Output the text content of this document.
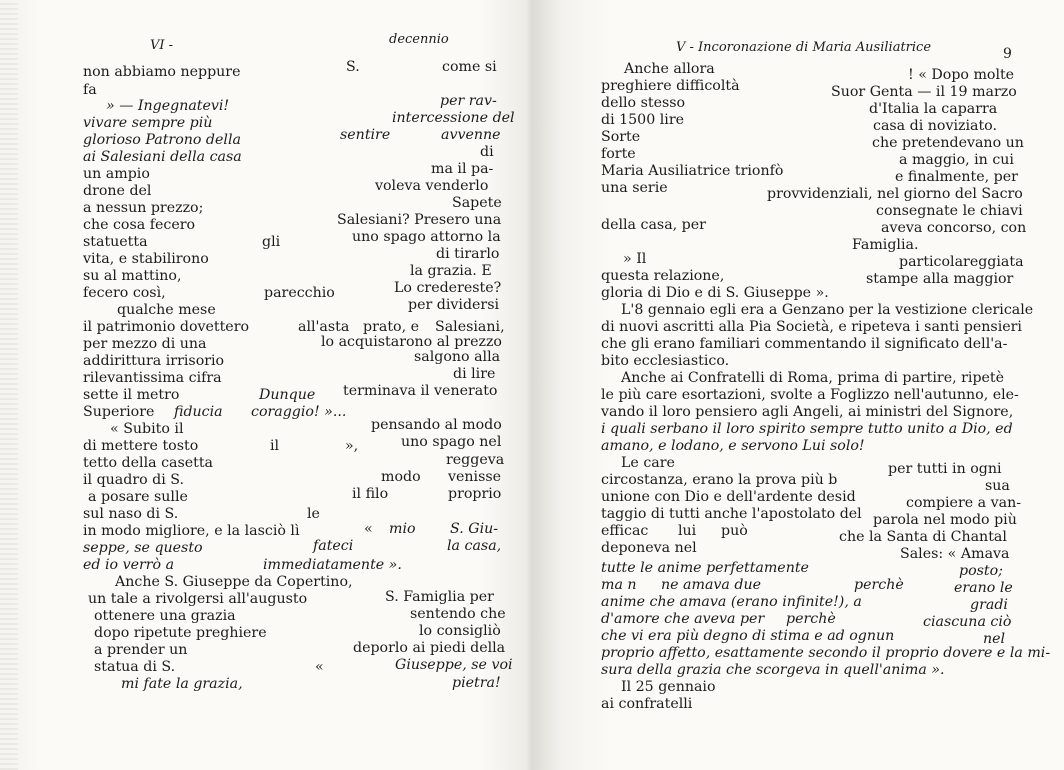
VI -	decennio
non abbiamo neppure	S.	come si
fa
» — Ingegnatevi!	per rav-
vivare sempre più	intercessione del
glorioso Patrono della	sentire	avvenne
ai Salesiani della casa	di
un ampio	ma il pa-
drone del	voleva venderlo
a nessun prezzo;	Sapete
che cosa fecero	Salesiani? Presero una
statuetta	gli	uno spago attorno la
vita, e stabilirono	di tirarlo
su al mattino,	la grazia. E
fecero così,	parecchio	Lo credereste?
qualche mese	per dividersi
il patrimonio dovettero	all'asta prato, e Salesiani,
per mezzo di una	lo acquistarono al prezzo
addirittura irrisorio	salgono alla
rilevantissima cifra	di lire
sette il metro	Dunque terminava il venerato
Superiore fiducia coraggio! »...
« Subito il	pensando al modo
di mettere tosto	il	»,	uno spago nel
tetto della casetta	reggeva
il quadro di S.	modo venisse
a posare sulle	il filo	proprio
sul naso di S.	le
in modo migliore, e la lasciò lì	« mio S. Giu-
seppe, se questo	fateci	la casa,
ed io verrò a	immediatamente ».
Anche S. Giuseppe da Copertino,
un tale a rivolgersi all'augusto	S. Famiglia per
ottenere una grazia	sentendo che
dopo ripetute preghiere	lo consigliò
a prender un	deporlo ai piedi della
statua di S.	«	Giuseppe, se voi
mi fate la grazia,	pietra!
Anche allora	! « Dopo molte
preghiere difficoltà	Suor Genta — il 19 marzo
dello stesso	d'Italia la caparra
di 1500 lire	casa di noviziato.
Sorte	che pretendevano un
forte	a maggio, in cui
Maria Ausiliatrice trionfò	e finalmente, per
una serie	provvidenziali, nel giorno del Sacro
consegnate le chiavi
della casa, per	aveva concorso, con
Famiglia.
» Il	particolareggiata
questa relazione,	stampe alla maggior
gloria di Dio e di S. Giuseppe ».
L'8 gennaio egli era a Genzano per la vestizione clericale
di nuovi ascritti alla Pia Società, e ripeteva i santi pensieri
che gli erano familiari commentando il significato dell'a-
bito ecclesiastico.
Anche ai Confratelli di Roma, prima di partire, ripetè
le più care esortazioni, svolte a Foglizzo nell'autunno, ele-
vando il loro pensiero agli Angeli, ai ministri del Signore,
i quali serbano il loro spirito sempre tutto unito a Dio, ed
amano, e lodano, e servono Lui solo!
Le care	per tutti in ogni
circostanza, erano la prova più b	sua
unione con Dio e dell'ardente desid	compiere a van-
taggio di tutti anche l'apostolato del parola nel modo più
efficac lui può	che la Santa di Chantal
deponeva nel	Sales: « Amava
tutte le anime perfettamente	posto;
ma n ne amava due	perchè	erano le
anime che amava (erano infinite!), a	gradi
d'amore che aveva per perchè	ciascuna ciò
che vi era più degno di stima e ad ognun	nel
proprio affetto, esattamente secondo il proprio dovere e la mi-
sura della grazia che scorgeva in quell'anima ».
Il 25 gennaio
ai confratelli
V - Incoronazione di Maria Ausiliatrice	9
